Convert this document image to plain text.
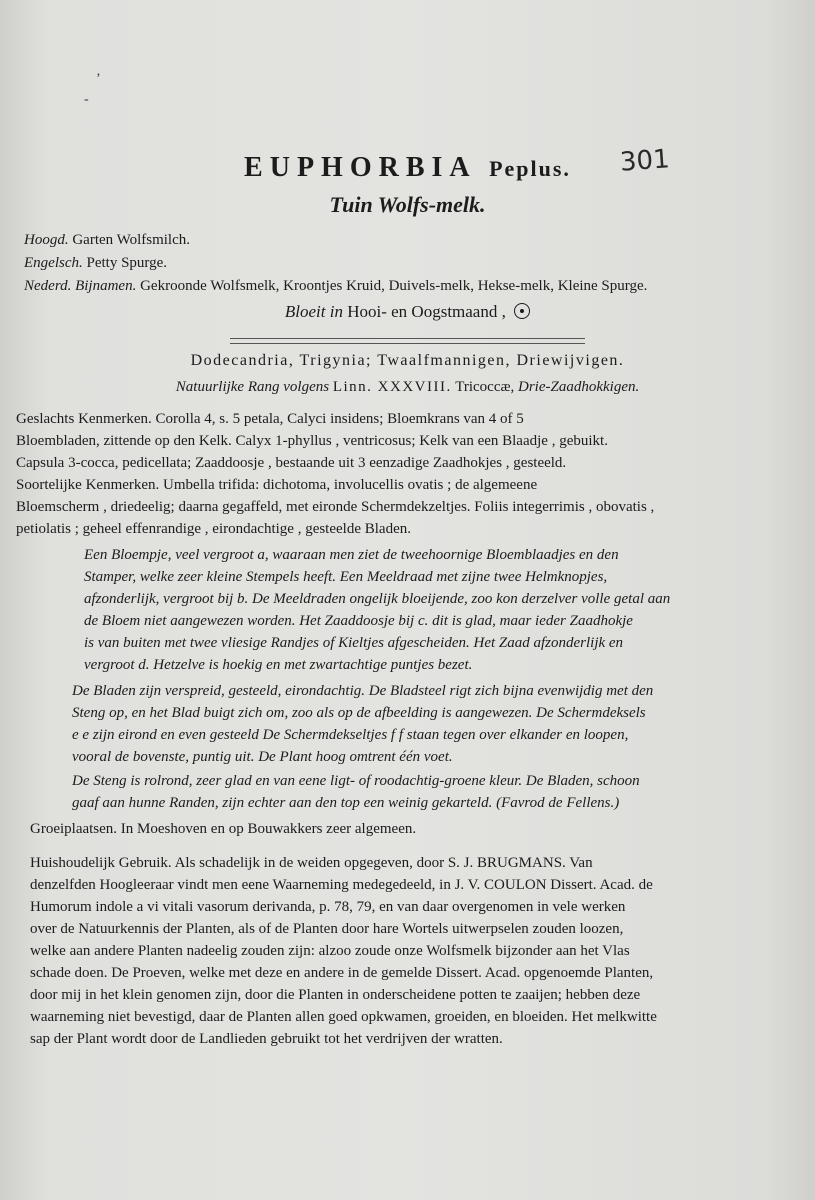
‚
-
EUPHORBIA Peplus.	301
Tuin Wolfs-melk.
Hoogd. Garten Wolfsmilch.
Engelsch. Petty Spurge.
Nederd. Bijnamen. Gekroonde Wolfsmelk, Kroontjes Kruid, Duivels-melk, Hekse-melk, Kleine Spurge.
Bloeit in Hooi- en Oogstmaand ,
Dodecandria, Trigynia; Twaalfmannigen, Driewijvigen.
Natuurlijke Rang volgens Linn. XXXVIII. Tricoccæ, Drie-Zaadhokkigen.

Geslachts Kenmerken. Corolla 4, s. 5 petala, Calyci insidens; Bloemkrans van 4 of 5

Bloembladen, zittende op den Kelk. Calyx 1-phyllus , ventricosus; Kelk van een Blaadje , gebuikt.

Capsula 3-cocca, pedicellata; Zaaddoosje , bestaande uit 3 eenzadige Zaadhokjes , gesteeld.

Soortelijke Kenmerken. Umbella trifida: dichotoma, involucellis ovatis ; de algemeene

Bloemscherm , driedeelig; daarna gegaffeld, met eironde Schermdekzeltjes. Foliis integerrimis , obovatis ,

petiolatis ; geheel effenrandige , eirondachtige , gesteelde Bladen.

Een Bloempje, veel vergroot a, waaraan men ziet de tweehoornige Bloemblaadjes en den

Stamper, welke zeer kleine Stempels heeft. Een Meeldraad met zijne twee Helmknopjes,

afzonderlijk, vergroot bij b. De Meeldraden ongelijk bloeijende, zoo kon derzelver volle getal aan

de Bloem niet aangewezen worden. Het Zaaddoosje bij c. dit is glad, maar ieder Zaadhokje

is van buiten met twee vliesige Randjes of Kieltjes afgescheiden. Het Zaad afzonderlijk en

vergroot d. Hetzelve is hoekig en met zwartachtige puntjes bezet.

De Bladen zijn verspreid, gesteeld, eirondachtig. De Bladsteel rigt zich bijna evenwijdig met den

Steng op, en het Blad buigt zich om, zoo als op de afbeelding is aangewezen. De Schermdeksels

e e zijn eirond en even gesteeld De Schermdekseltjes f f staan tegen over elkander en loopen,

vooral de bovenste, puntig uit. De Plant hoog omtrent één voet.

De Steng is rolrond, zeer glad en van eene ligt- of roodachtig-groene kleur. De Bladen, schoon

gaaf aan hunne Randen, zijn echter aan den top een weinig gekarteld. (Favrod de Fellens.)

Groeiplaatsen. In Moeshoven en op Bouwakkers zeer algemeen.

Huishoudelijk Gebruik. Als schadelijk in de weiden opgegeven, door S. J. BRUGMANS. Van

denzelfden Hoogleeraar vindt men eene Waarneming medegedeeld, in J. V. COULON Dissert. Acad. de

Humorum indole a vi vitali vasorum derivanda, p. 78, 79, en van daar overgenomen in vele werken

over de Natuurkennis der Planten, als of de Planten door hare Wortels uitwerpselen zouden loozen,

welke aan andere Planten nadeelig zouden zijn: alzoo zoude onze Wolfsmelk bijzonder aan het Vlas

schade doen. De Proeven, welke met deze en andere in de gemelde Dissert. Acad. opgenoemde Planten,

door mij in het klein genomen zijn, door die Planten in onderscheidene potten te zaaijen; hebben deze

waarneming niet bevestigd, daar de Planten allen goed opkwamen, groeiden, en bloeiden. Het melkwitte

sap der Plant wordt door de Landlieden gebruikt tot het verdrijven der wratten.
